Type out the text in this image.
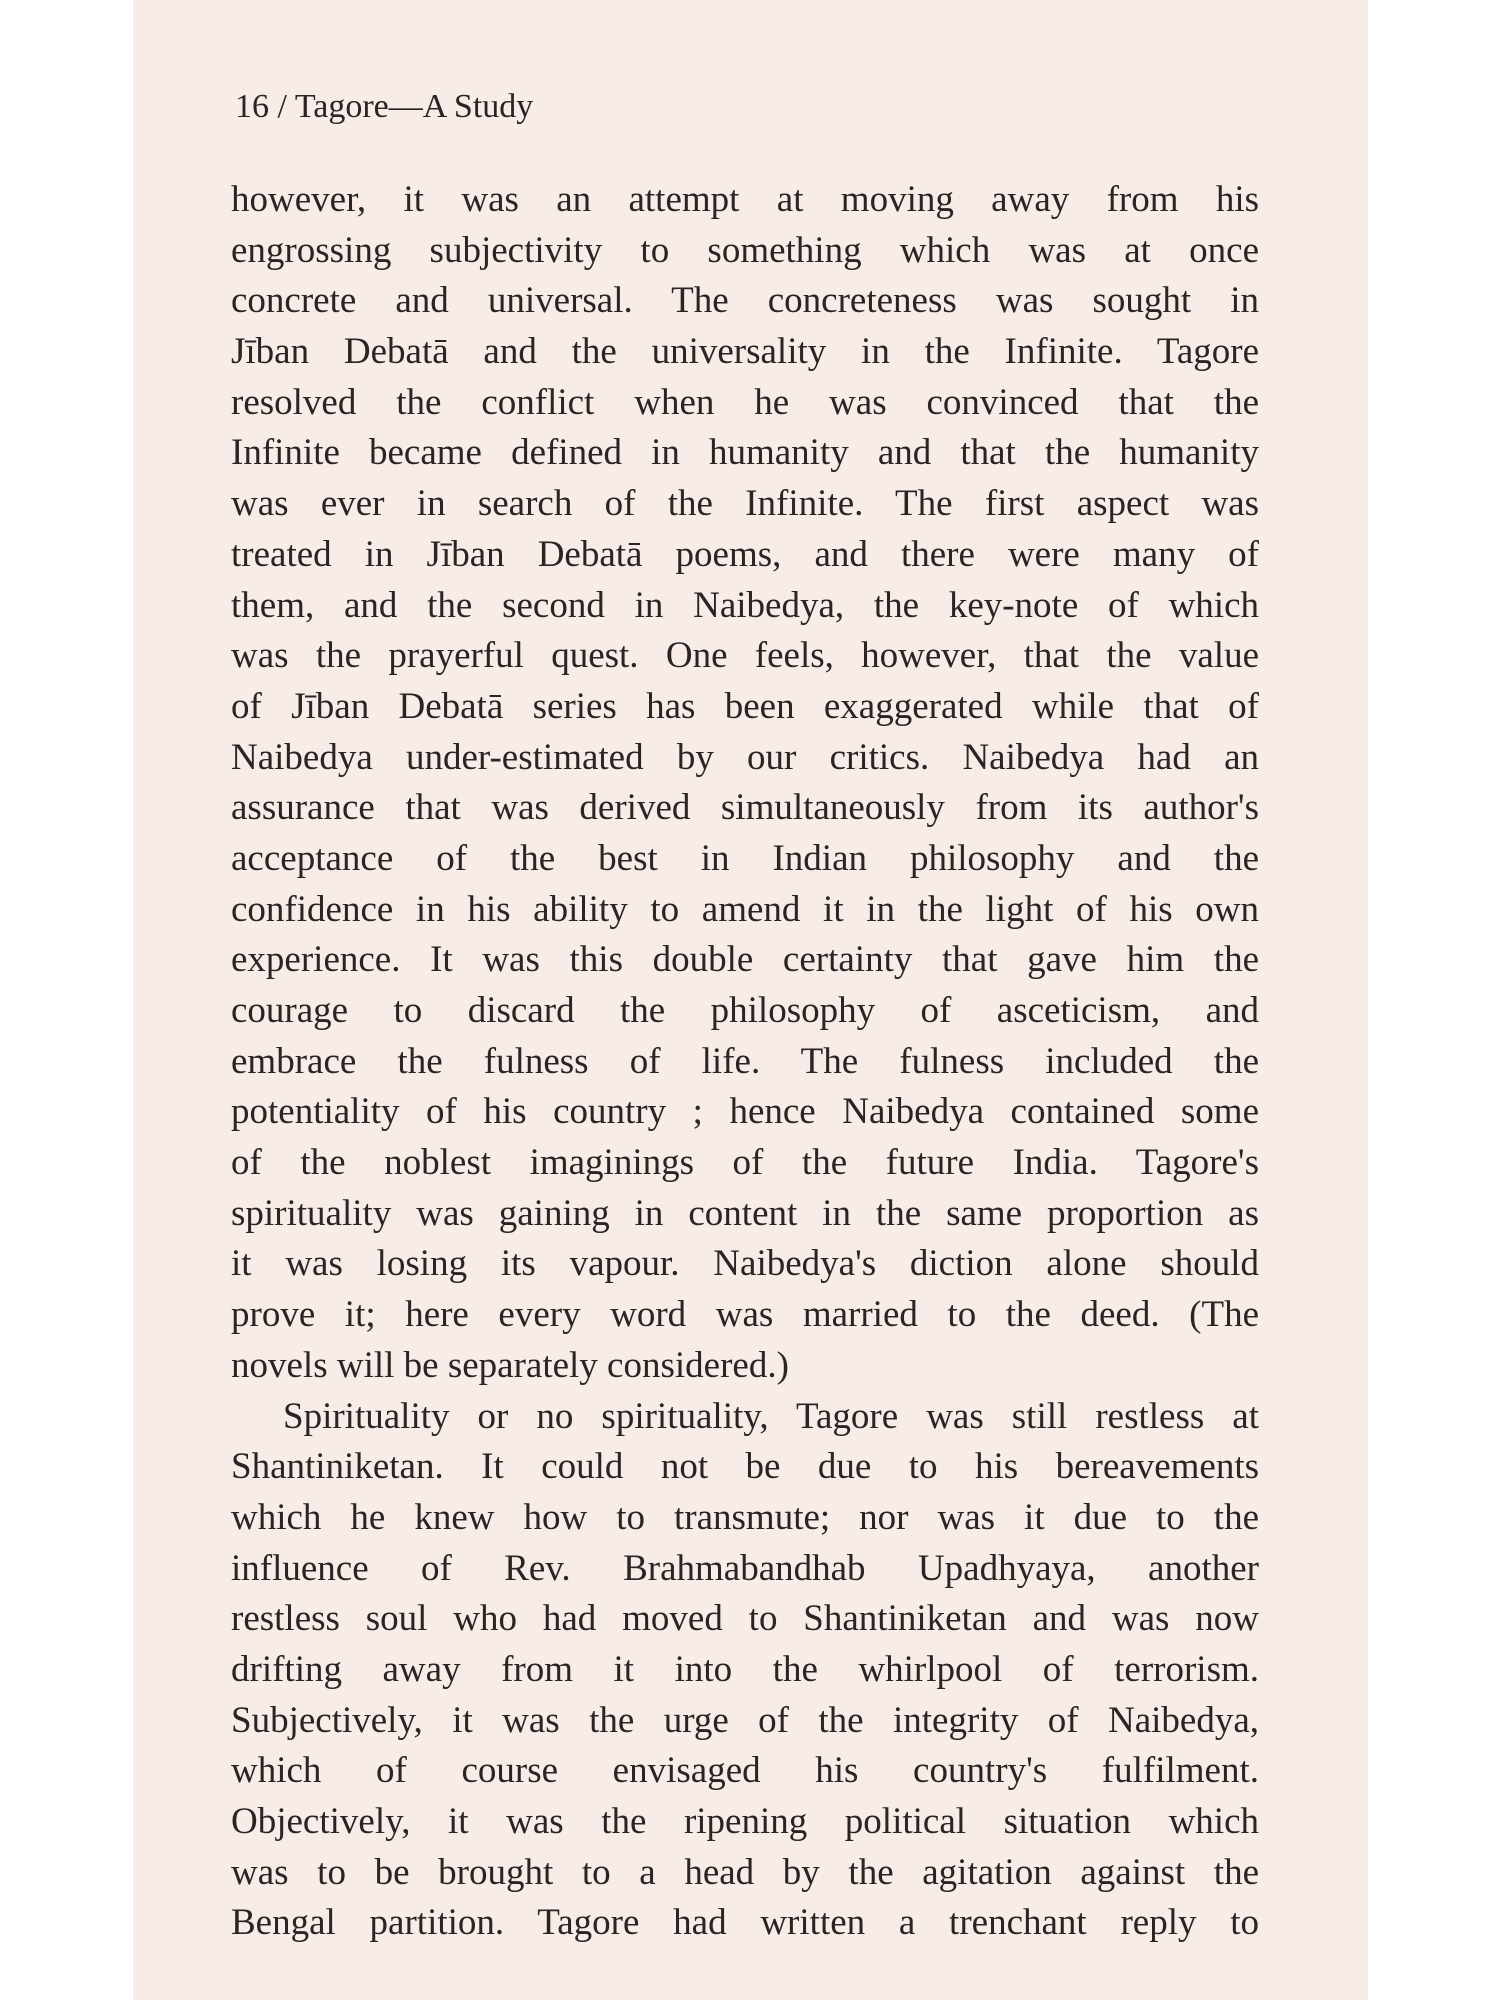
16 / Tagore—A Study
however, it was an attempt at moving away from his
engrossing subjectivity to something which was at once
concrete and universal. The concreteness was sought in
Jīban Debatā and the universality in the Infinite. Tagore
resolved the conflict when he was convinced that the
Infinite became defined in humanity and that the humanity
was ever in search of the Infinite. The first aspect was
treated in Jīban Debatā poems, and there were many of
them, and the second in Naibedya, the key-note of which
was the prayerful quest. One feels, however, that the value
of Jīban Debatā series has been exaggerated while that of
Naibedya under-estimated by our critics. Naibedya had an
assurance that was derived simultaneously from its author's
acceptance of the best in Indian philosophy and the
confidence in his ability to amend it in the light of his own
experience. It was this double certainty that gave him the
courage to discard the philosophy of asceticism, and
embrace the fulness of life. The fulness included the
potentiality of his country ; hence Naibedya contained some
of the noblest imaginings of the future India. Tagore's
spirituality was gaining in content in the same proportion as
it was losing its vapour. Naibedya's diction alone should
prove it; here every word was married to the deed. (The
novels will be separately considered.)
Spirituality or no spirituality, Tagore was still restless at
Shantiniketan. It could not be due to his bereavements
which he knew how to transmute; nor was it due to the
influence of Rev. Brahmabandhab Upadhyaya, another
restless soul who had moved to Shantiniketan and was now
drifting away from it into the whirlpool of terrorism.
Subjectively, it was the urge of the integrity of Naibedya,
which of course envisaged his country's fulfilment.
Objectively, it was the ripening political situation which
was to be brought to a head by the agitation against the
Bengal partition. Tagore had written a trenchant reply to
